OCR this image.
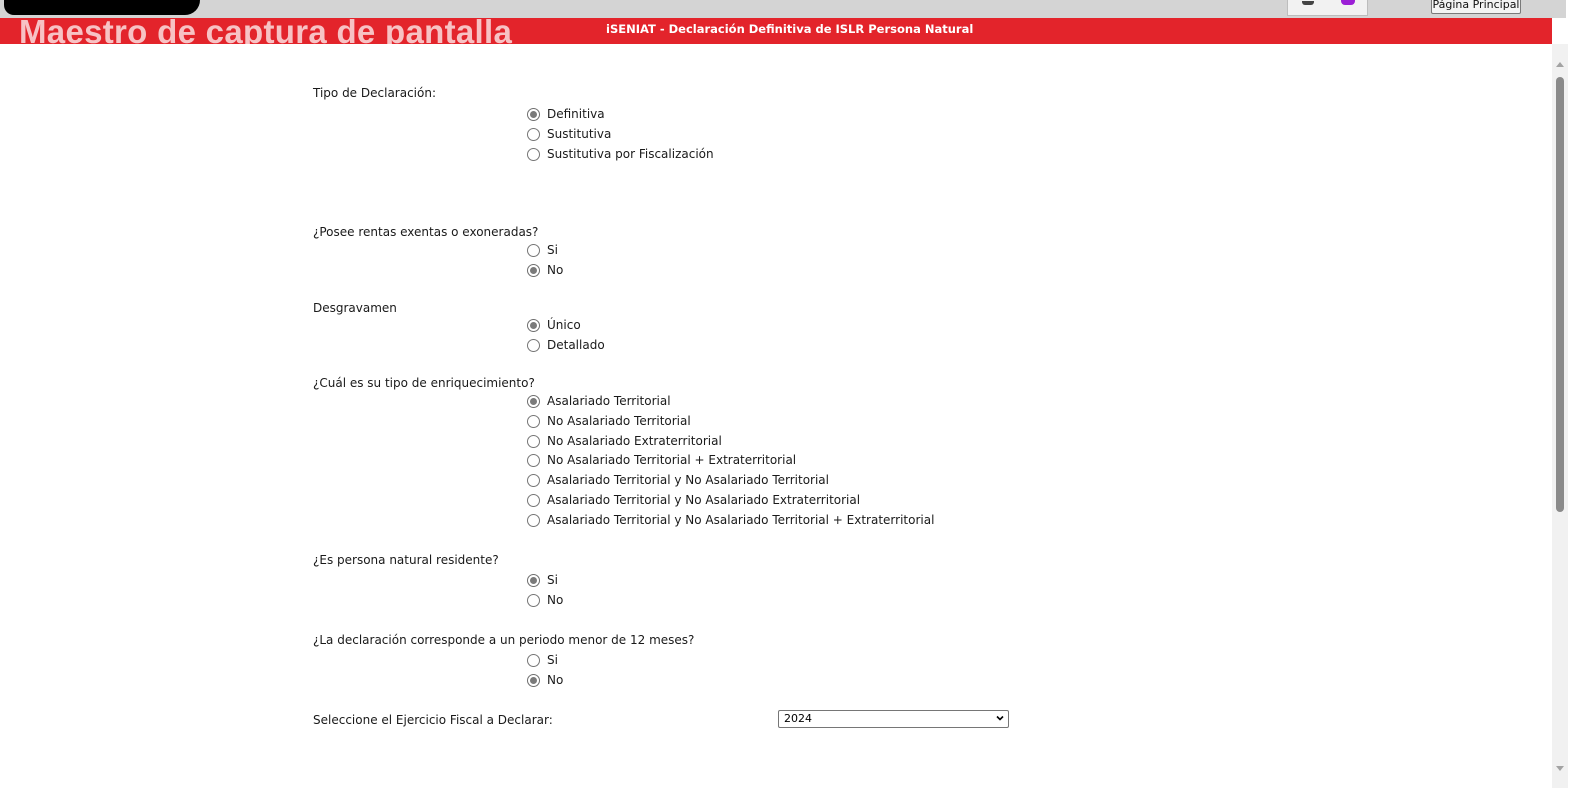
Página Principal
Maestro de captura de pantalla	iSENIAT - Declaración Definitiva de ISLR Persona Natural
Tipo de Declaración:
Definitiva
Sustitutiva
Sustitutiva por Fiscalización
¿Posee rentas exentas o exoneradas?
Si
No
Desgravamen
Único
Detallado
¿Cuál es su tipo de enriquecimiento?
Asalariado Territorial
No Asalariado Territorial
No Asalariado Extraterritorial
No Asalariado Territorial + Extraterritorial
Asalariado Territorial y No Asalariado Territorial
Asalariado Territorial y No Asalariado Extraterritorial
Asalariado Territorial y No Asalariado Territorial + Extraterritorial
¿Es persona natural residente?
Si
No
¿La declaración corresponde a un periodo menor de 12 meses?
Si
No
Seleccione el Ejercicio Fiscal a Declarar:	2024
